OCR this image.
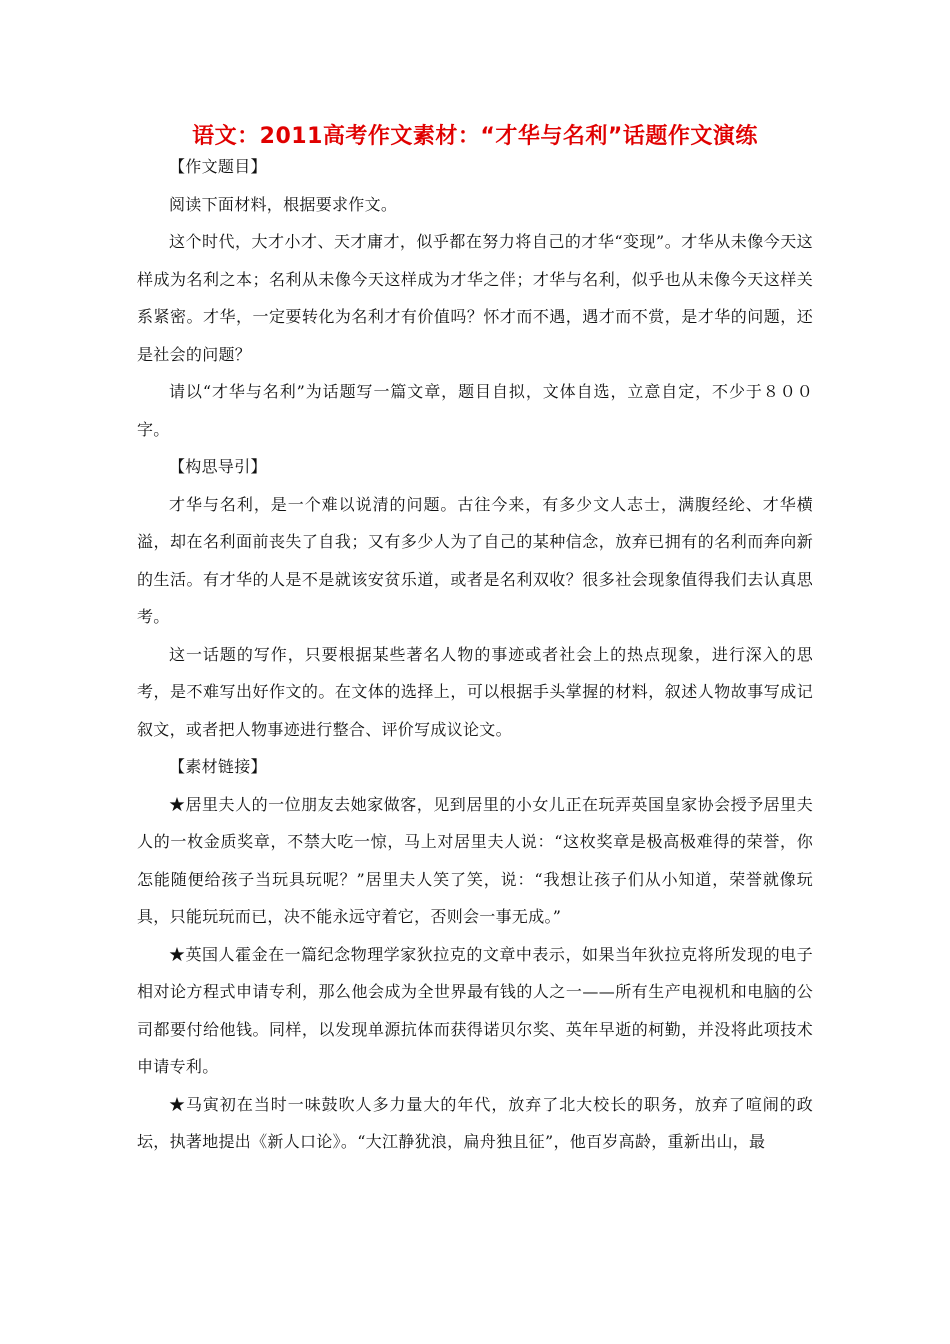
语文：2011高考作文素材：“才华与名利”话题作文演练

【作文题目】

阅读下面材料，根据要求作文。

这个时代，大才小才、天才庸才，似乎都在努力将自己的才华“变现”。才华从未像今天这样成为名利之本；名利从未像今天这样成为才华之伴；才华与名利，似乎也从未像今天这样关系紧密。才华，一定要转化为名利才有价值吗？怀才而不遇，遇才而不赏，是才华的问题，还是社会的问题？

请以“才华与名利”为话题写一篇文章，题目自拟，文体自选，立意自定，不少于８００字。

【构思导引】

才华与名利，是一个难以说清的问题。古往今来，有多少文人志士，满腹经纶、才华横溢，却在名利面前丧失了自我；又有多少人为了自己的某种信念，放弃已拥有的名利而奔向新的生活。有才华的人是不是就该安贫乐道，或者是名利双收？很多社会现象值得我们去认真思考。

这一话题的写作，只要根据某些著名人物的事迹或者社会上的热点现象，进行深入的思考，是不难写出好作文的。在文体的选择上，可以根据手头掌握的材料，叙述人物故事写成记叙文，或者把人物事迹进行整合、评价写成议论文。

【素材链接】

★居里夫人的一位朋友去她家做客，见到居里的小女儿正在玩弄英国皇家协会授予居里夫人的一枚金质奖章，不禁大吃一惊，马上对居里夫人说：“这枚奖章是极高极难得的荣誉，你怎能随便给孩子当玩具玩呢？”居里夫人笑了笑，说：“我想让孩子们从小知道，荣誉就像玩具，只能玩玩而已，决不能永远守着它，否则会一事无成。”

★英国人霍金在一篇纪念物理学家狄拉克的文章中表示，如果当年狄拉克将所发现的电子相对论方程式申请专利，那么他会成为全世界最有钱的人之一——所有生产电视机和电脑的公司都要付给他钱。同样，以发现单源抗体而获得诺贝尔奖、英年早逝的柯勤，并没将此项技术申请专利。

★马寅初在当时一味鼓吹人多力量大的年代，放弃了北大校长的职务，放弃了喧闹的政坛，执著地提出《新人口论》。“大江静犹浪，扁舟独且征”，他百岁高龄，重新出山，最
